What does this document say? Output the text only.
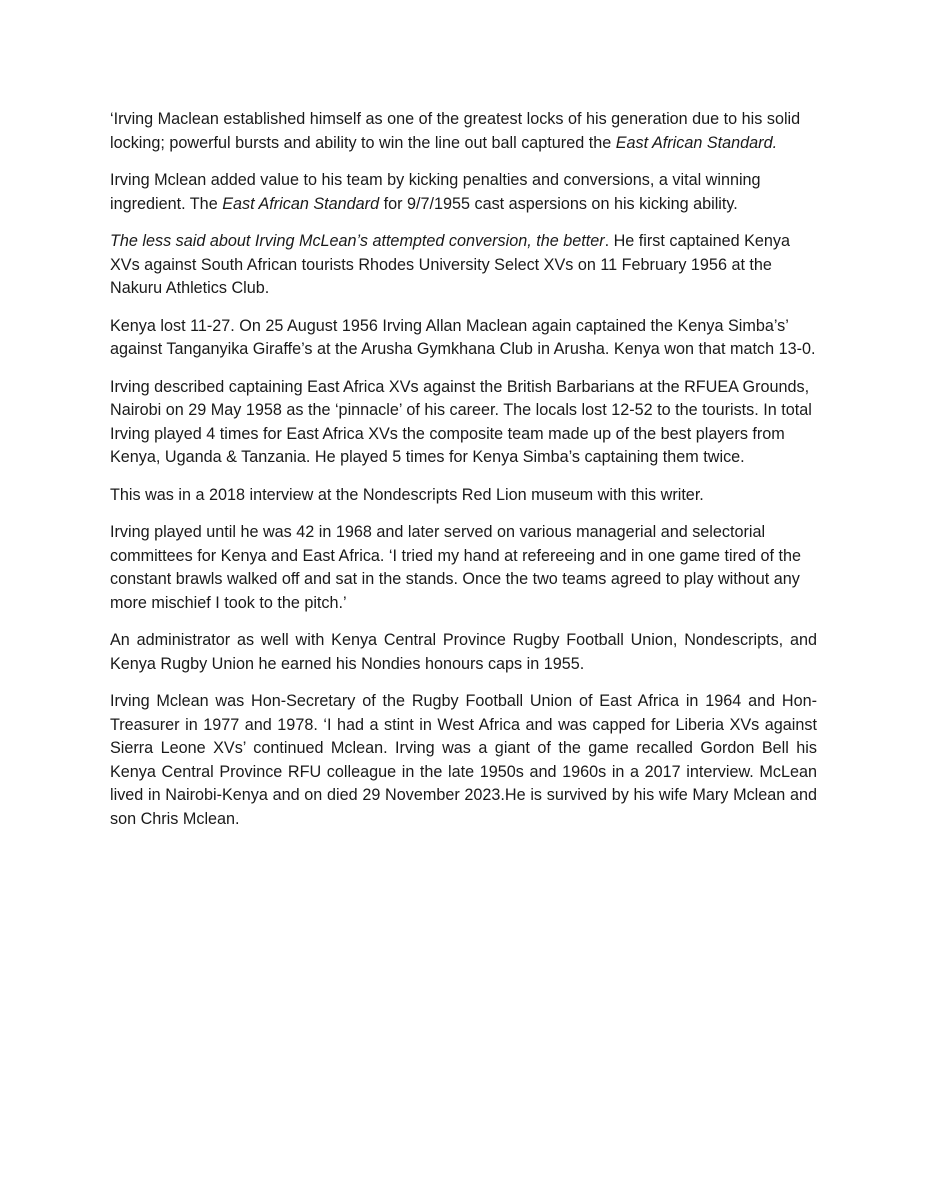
‘Irving Maclean established himself as one of the greatest locks of his generation due to his solid locking; powerful bursts and ability to win the line out ball captured the East African Standard.

Irving Mclean added value to his team by kicking penalties and conversions, a vital winning ingredient. The East African Standard for 9/7/1955 cast aspersions on his kicking ability.

The less said about Irving McLean’s attempted conversion, the better. He first captained Kenya XVs against South African tourists Rhodes University Select XVs on 11 February 1956 at the Nakuru Athletics Club.

Kenya lost 11-27. On 25 August 1956 Irving Allan Maclean again captained the Kenya Simba’s’ against Tanganyika Giraffe’s at the Arusha Gymkhana Club in Arusha. Kenya won that match 13-0.

Irving described captaining East Africa XVs against the British Barbarians at the RFUEA Grounds, Nairobi on 29 May 1958 as the ‘pinnacle’ of his career. The locals lost 12-52 to the tourists. In total Irving played 4 times for East Africa XVs the composite team made up of the best players from Kenya, Uganda & Tanzania. He played 5 times for Kenya Simba’s captaining them twice.

This was in a 2018 interview at the Nondescripts Red Lion museum with this writer.

Irving played until he was 42 in 1968 and later served on various managerial and selectorial committees for Kenya and East Africa. ‘I tried my hand at refereeing and in one game tired of the constant brawls walked off and sat in the stands. Once the two teams agreed to play without any more mischief I took to the pitch.’

An administrator as well with Kenya Central Province Rugby Football Union, Nondescripts, and Kenya Rugby Union he earned his Nondies honours caps in 1955.

Irving Mclean was Hon-Secretary of the Rugby Football Union of East Africa in 1964 and Hon-Treasurer in 1977 and 1978. ‘I had a stint in West Africa and was capped for Liberia XVs against Sierra Leone XVs’ continued Mclean. Irving was a giant of the game recalled Gordon Bell his Kenya Central Province RFU colleague in the late 1950s and 1960s in a 2017 interview. McLean lived in Nairobi-Kenya and on died 29 November 2023.He is survived by his wife Mary Mclean and son Chris Mclean.
